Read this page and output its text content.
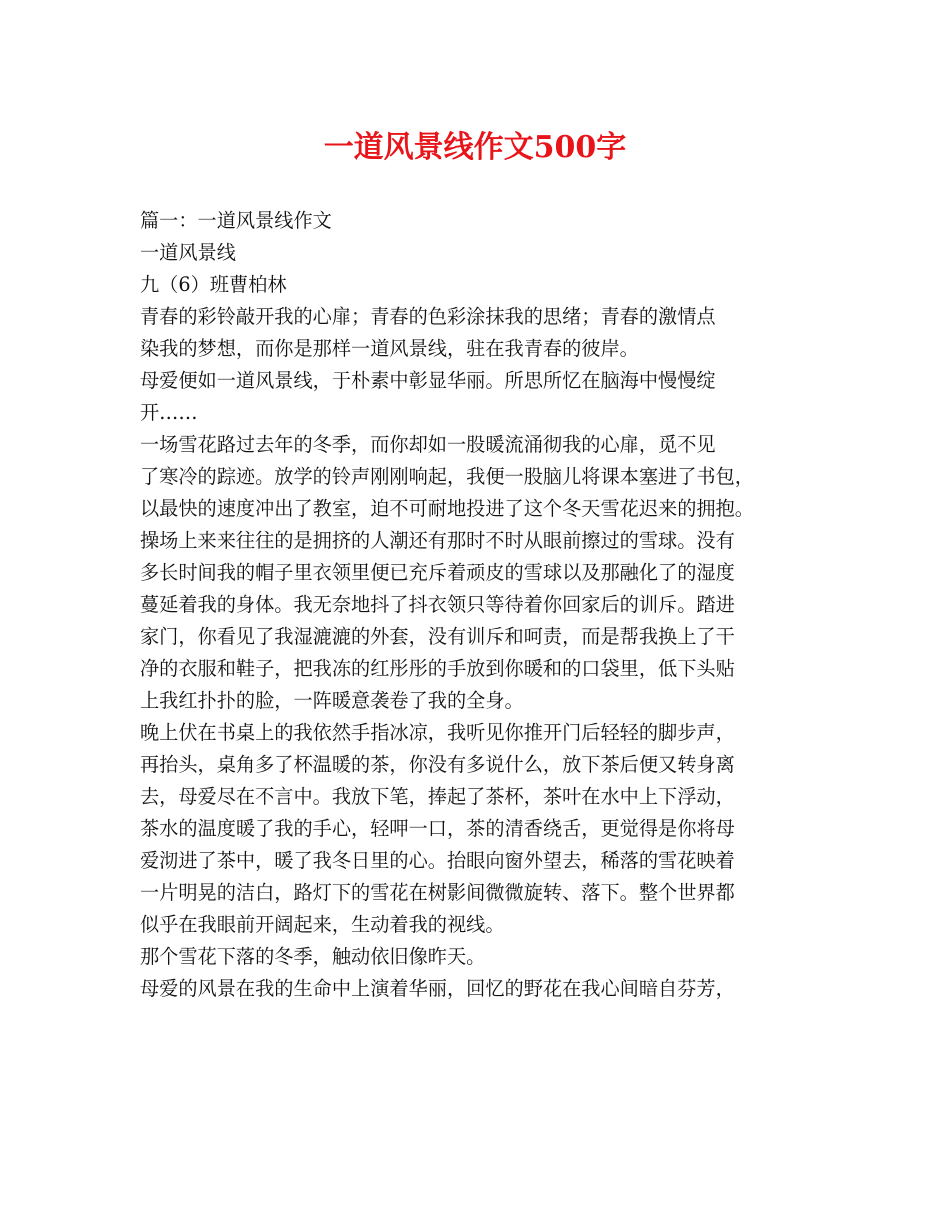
一道风景线作文500字
篇一：一道风景线作文
一道风景线
九（6）班曹柏林
青春的彩铃敲开我的心扉；青春的色彩涂抹我的思绪；青春的激情点
染我的梦想，而你是那样一道风景线，驻在我青春的彼岸。
母爱便如一道风景线，于朴素中彰显华丽。所思所忆在脑海中慢慢绽
开……
一场雪花路过去年的冬季，而你却如一股暖流涌彻我的心扉，觅不见
了寒冷的踪迹。放学的铃声刚刚响起，我便一股脑儿将课本塞进了书包，
以最快的速度冲出了教室，迫不可耐地投进了这个冬天雪花迟来的拥抱。
操场上来来往往的是拥挤的人潮还有那时不时从眼前擦过的雪球。没有
多长时间我的帽子里衣领里便已充斥着顽皮的雪球以及那融化了的湿度
蔓延着我的身体。我无奈地抖了抖衣领只等待着你回家后的训斥。踏进
家门，你看见了我湿漉漉的外套，没有训斥和呵责，而是帮我换上了干
净的衣服和鞋子，把我冻的红彤彤的手放到你暖和的口袋里，低下头贴
上我红扑扑的脸，一阵暖意袭卷了我的全身。
晚上伏在书桌上的我依然手指冰凉，我听见你推开门后轻轻的脚步声，
再抬头，桌角多了杯温暖的茶，你没有多说什么，放下茶后便又转身离
去，母爱尽在不言中。我放下笔，捧起了茶杯，茶叶在水中上下浮动，
茶水的温度暖了我的手心，轻呷一口，茶的清香绕舌，更觉得是你将母
爱沏进了茶中，暖了我冬日里的心。抬眼向窗外望去，稀落的雪花映着
一片明晃的洁白，路灯下的雪花在树影间微微旋转、落下。整个世界都
似乎在我眼前开阔起来，生动着我的视线。
那个雪花下落的冬季，触动依旧像昨天。
母爱的风景在我的生命中上演着华丽，回忆的野花在我心间暗自芬芳，
